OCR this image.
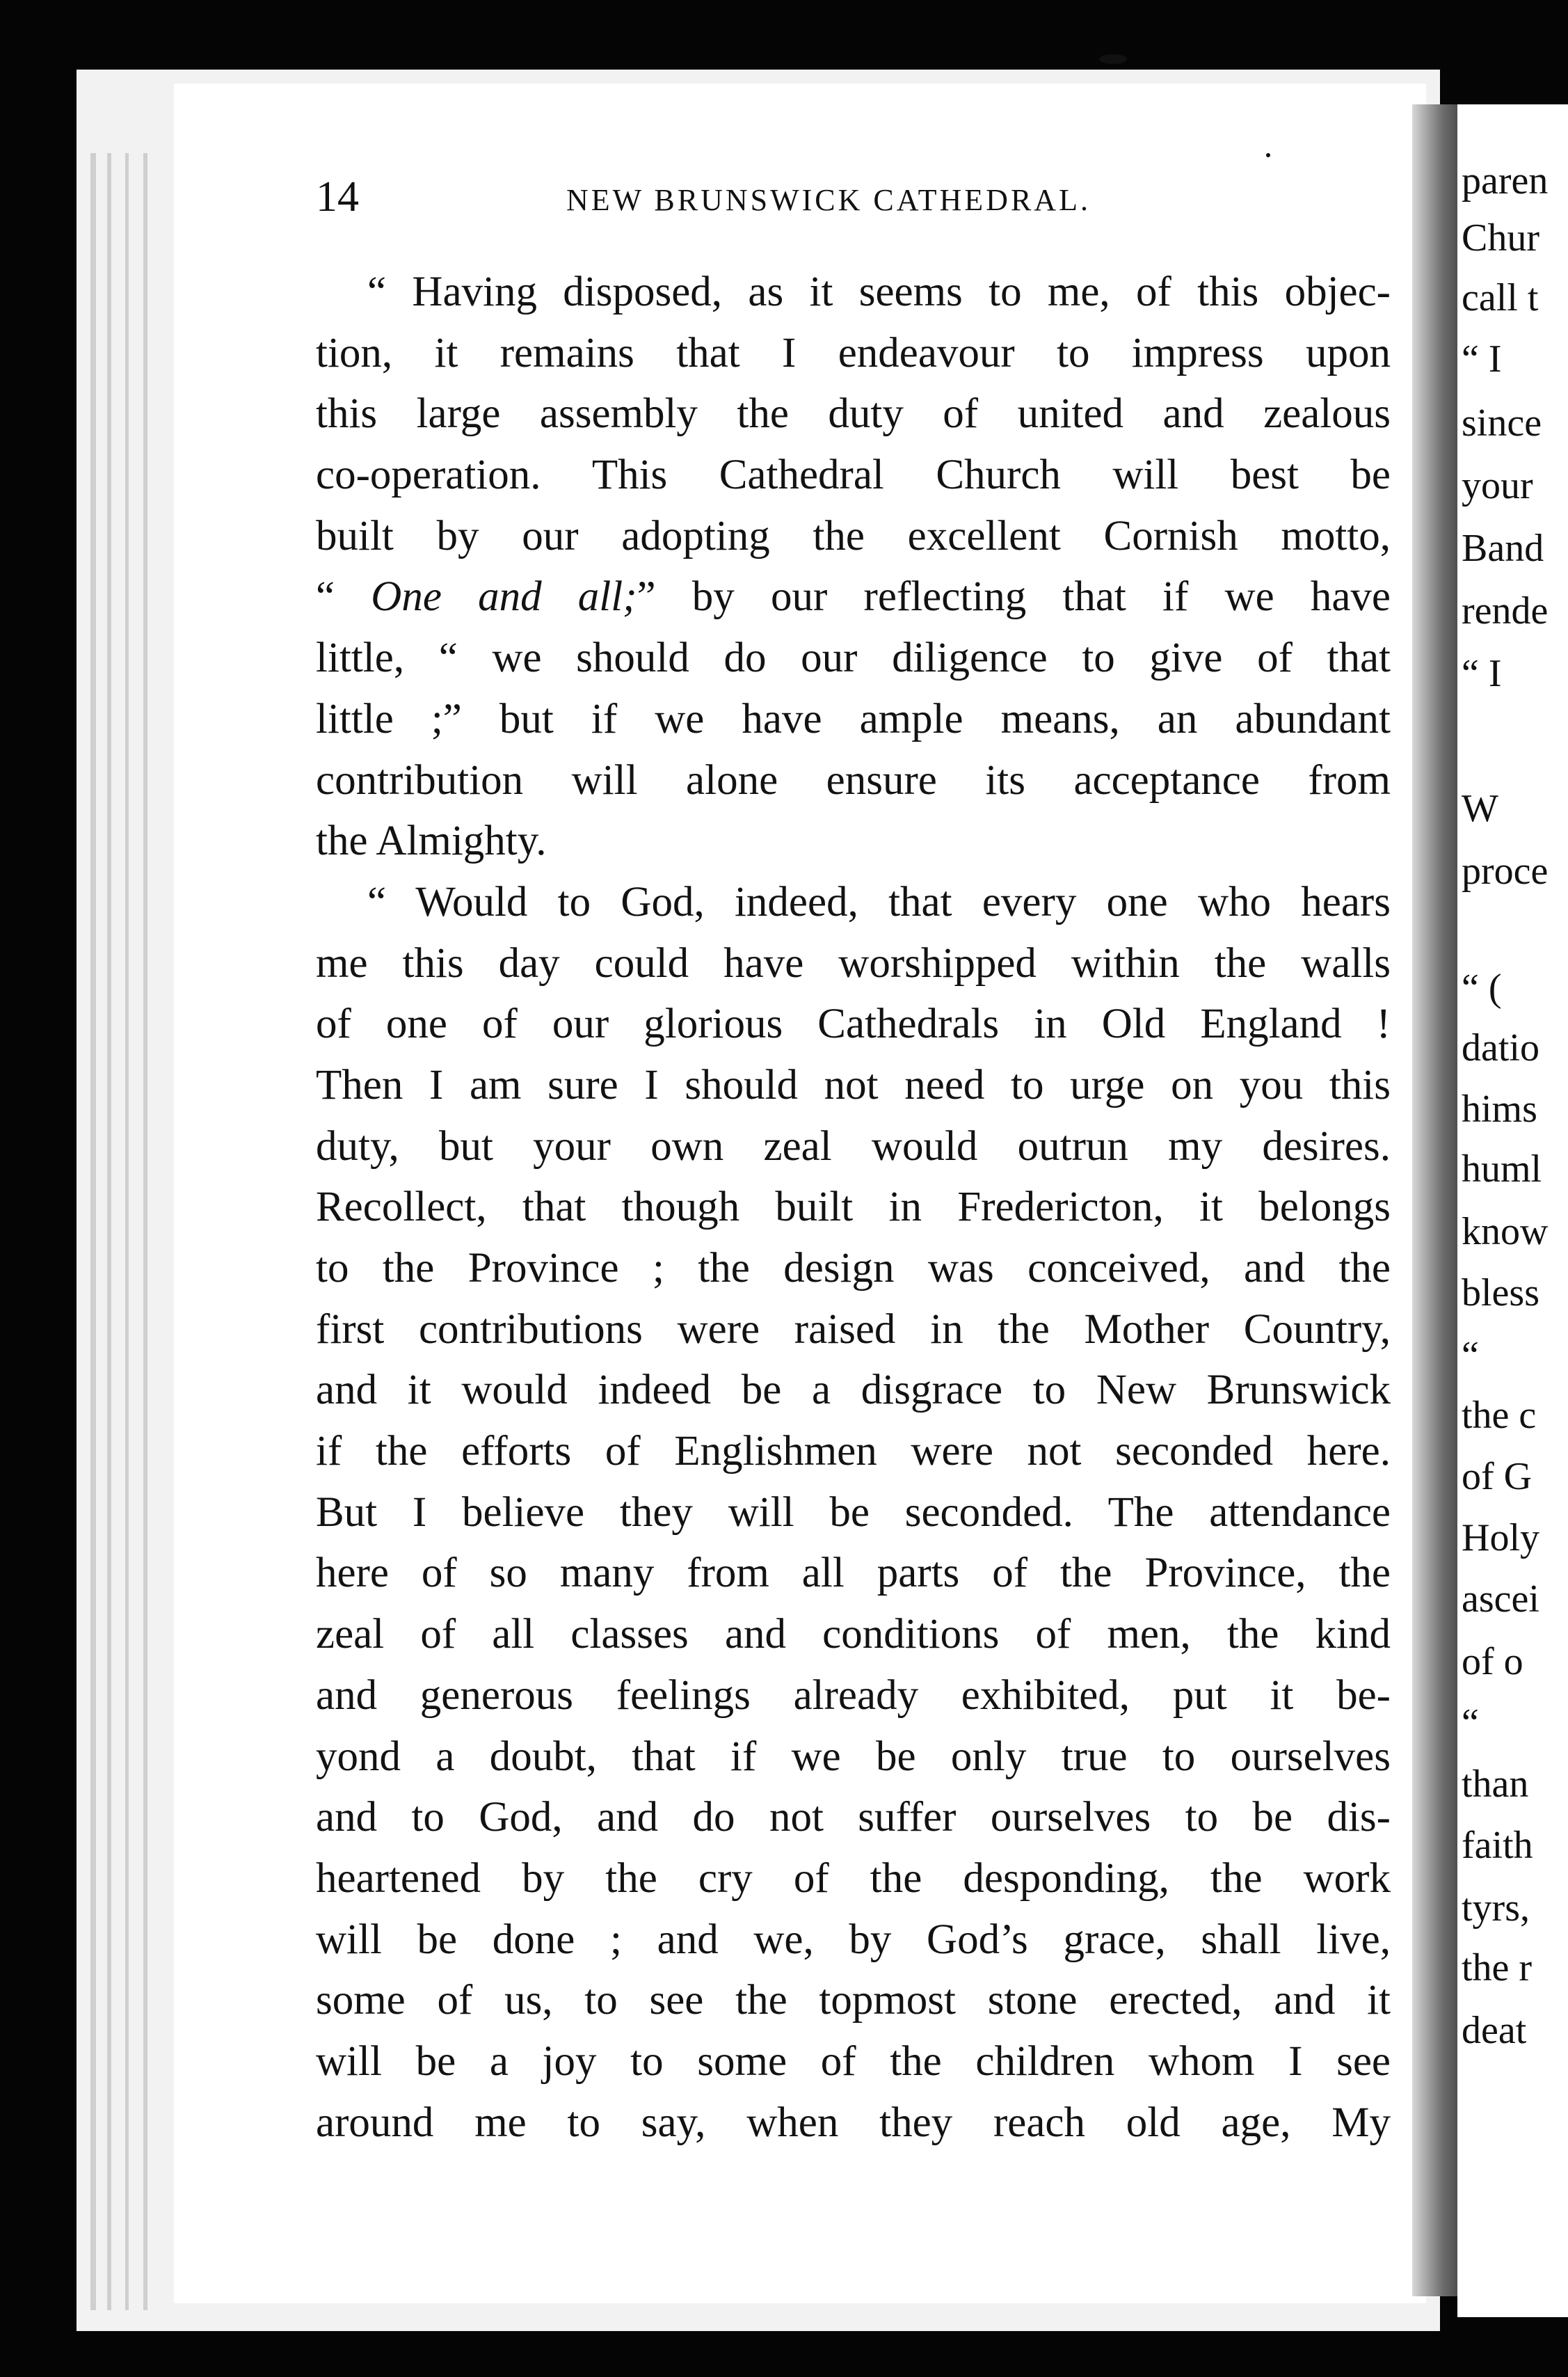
14	NEW BRUNSWICK CATHEDRAL.
“ Having disposed, as it seems to me, of this objec-
tion, it remains that I endeavour to impress upon
this large assembly the duty of united and zealous
co-operation. This Cathedral Church will best be
built by our adopting the excellent Cornish motto,
“ One and all;” by our reflecting that if we have
little, “ we should do our diligence to give of that
little ;” but if we have ample means, an abundant
contribution will alone ensure its acceptance from
the Almighty.
“ Would to God, indeed, that every one who hears
me this day could have worshipped within the walls
of one of our glorious Cathedrals in Old England !
Then I am sure I should not need to urge on you this
duty, but your own zeal would outrun my desires.
Recollect, that though built in Fredericton, it belongs
to the Province ; the design was conceived, and the
first contributions were raised in the Mother Country,
and it would indeed be a disgrace to New Brunswick
if the efforts of Englishmen were not seconded here.
But I believe they will be seconded. The attendance
here of so many from all parts of the Province, the
zeal of all classes and conditions of men, the kind
and generous feelings already exhibited, put it be-
yond a doubt, that if we be only true to ourselves
and to God, and do not suffer ourselves to be dis-
heartened by the cry of the desponding, the work
will be done ; and we, by God’s grace, shall live,
some of us, to see the topmost stone erected, and it
will be a joy to some of the children whom I see
around me to say, when they reach old age, My
paren
Chur
call t
“ I
since
your
Band
rende
“ I
W
proce
“ (
datio
hims
huml
know
bless
“
the c
of G
Holy
ascei
of o
“
than
faith
tyrs,
the r
deat
